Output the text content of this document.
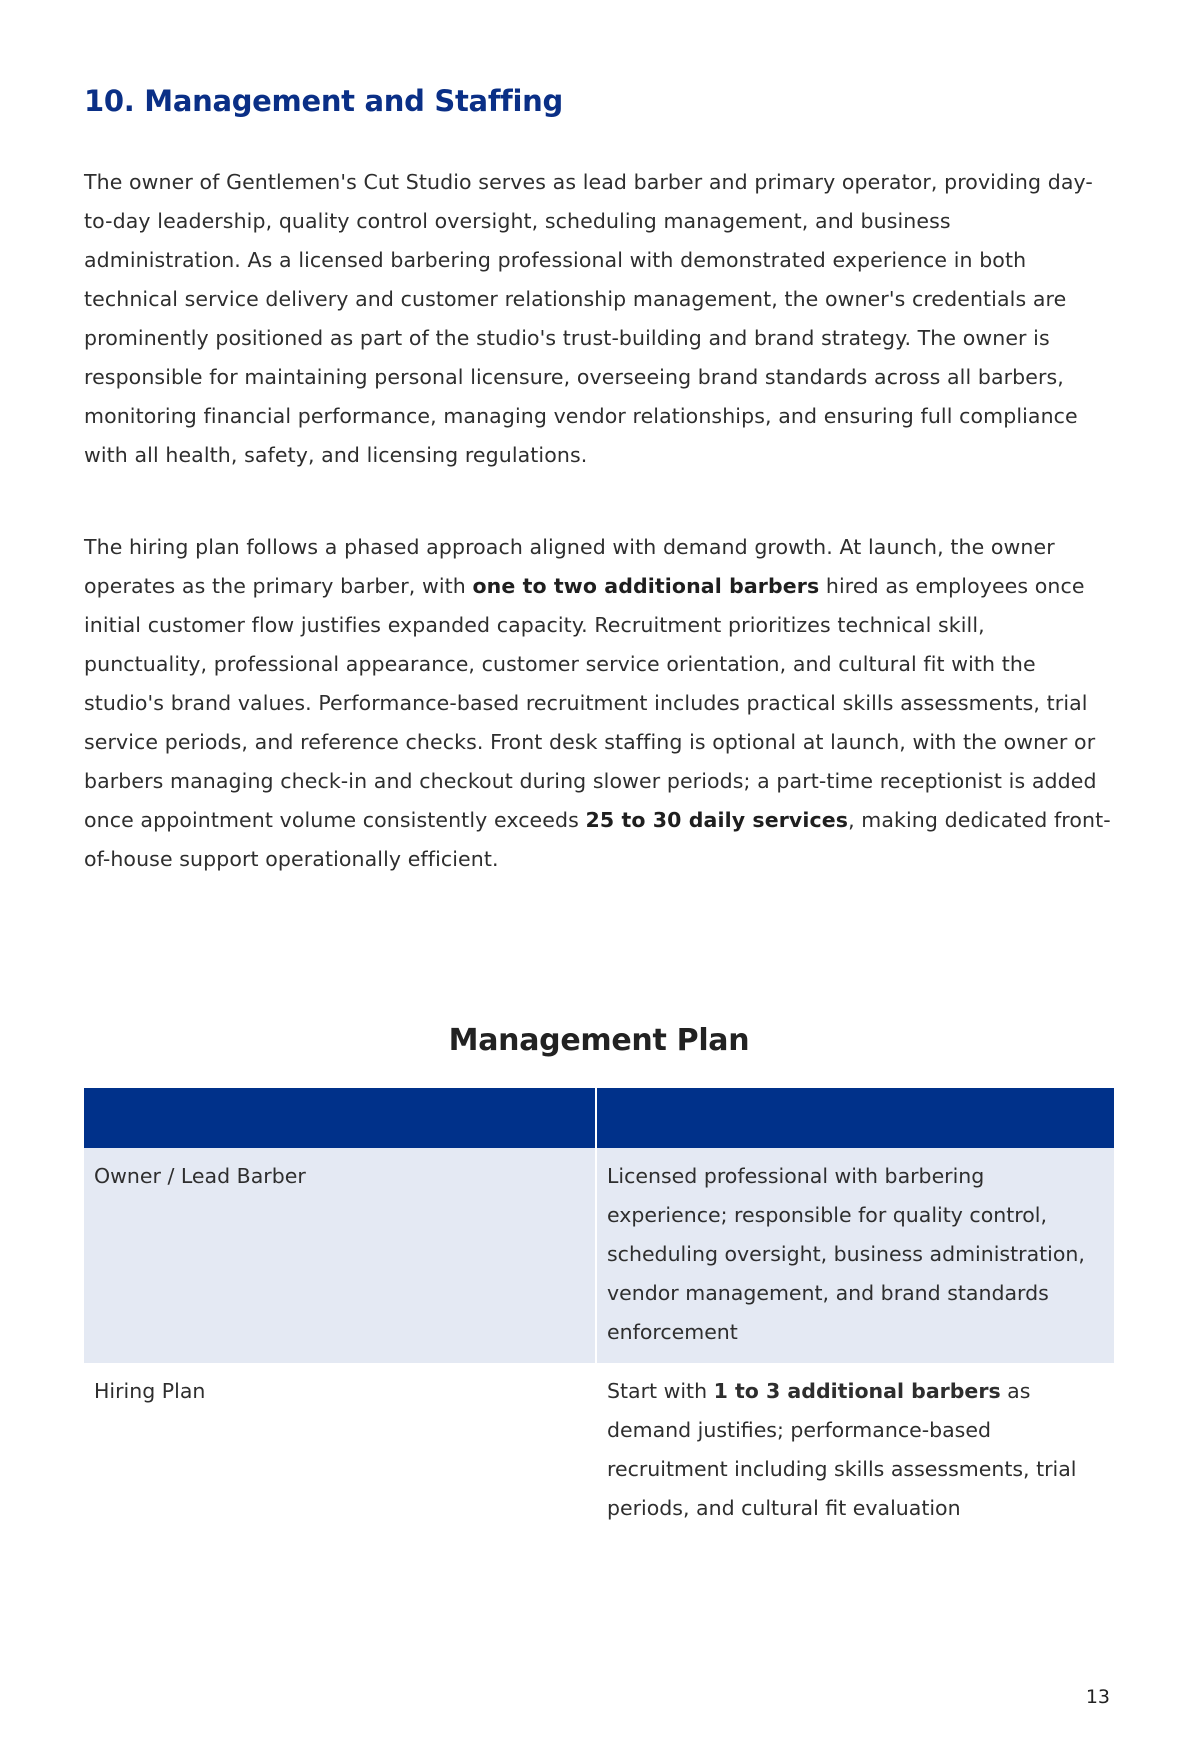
10. Management and Staffing

The owner of Gentlemen's Cut Studio serves as lead barber and primary operator, providing day-to-day leadership, quality control oversight, scheduling management, and business administration. As a licensed barbering professional with demonstrated experience in both technical service delivery and customer relationship management, the owner's credentials are prominently positioned as part of the studio's trust-building and brand strategy. The owner is responsible for maintaining personal licensure, overseeing brand standards across all barbers, monitoring financial performance, managing vendor relationships, and ensuring full compliance with all health, safety, and licensing regulations.

The hiring plan follows a phased approach aligned with demand growth. At launch, the owner operates as the primary barber, with one to two additional barbers hired as employees once initial customer flow justifies expanded capacity. Recruitment prioritizes technical skill, punctuality, professional appearance, customer service orientation, and cultural fit with the studio's brand values. Performance-based recruitment includes practical skills assessments, trial service periods, and reference checks. Front desk staffing is optional at launch, with the owner or barbers managing check-in and checkout during slower periods; a part-time receptionist is added once appointment volume consistently exceeds 25 to 30 daily services, making dedicated front-of-house support operationally efficient.

Management Plan

Owner / Lead Barber	Licensed professional with barbering experience; responsible for quality control, scheduling oversight, business administration, vendor management, and brand standards enforcement
Hiring Plan	Start with 1 to 3 additional barbers as demand justifies; performance-based recruitment including skills assessments, trial periods, and cultural fit evaluation
13
